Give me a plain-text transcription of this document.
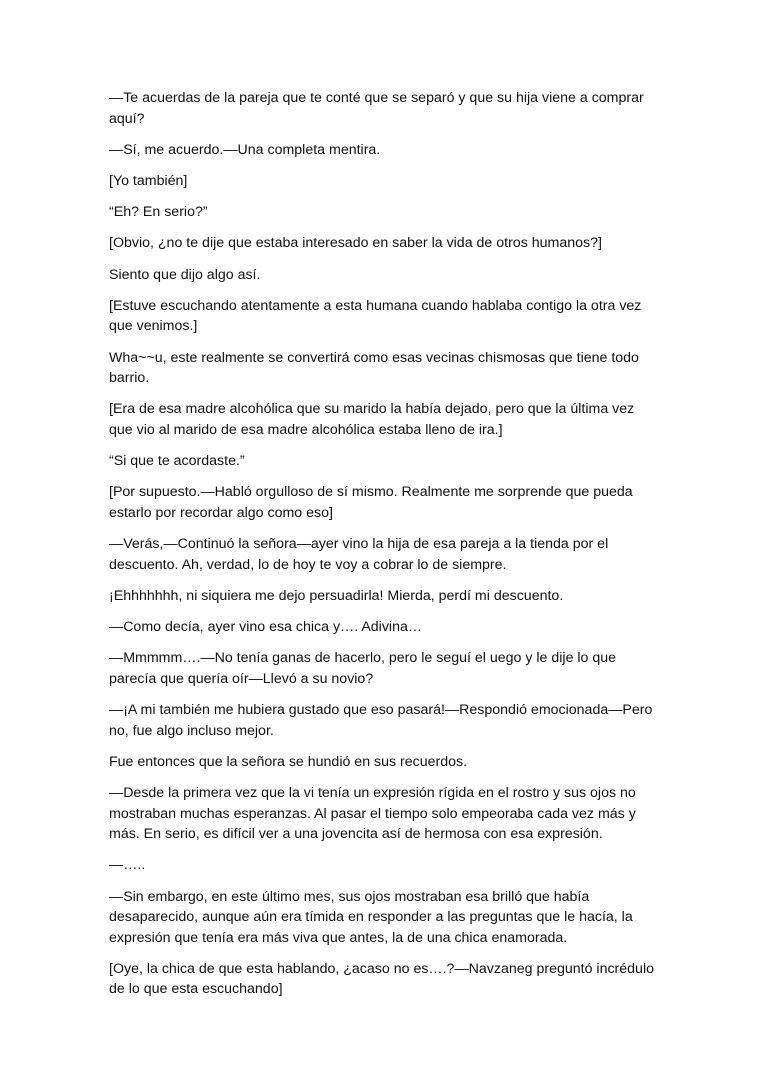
—Te acuerdas de la pareja que te conté que se separó y que su hija viene a comprar aquí?

—Sí, me acuerdo.—Una completa mentira.

[Yo también]

“Eh? En serio?”

[Obvio, ¿no te dije que estaba interesado en saber la vida de otros humanos?]

Siento que dijo algo así.

[Estuve escuchando atentamente a esta humana cuando hablaba contigo la otra vez que venimos.]

Wha~~u, este realmente se convertirá como esas vecinas chismosas que tiene todo barrio.

[Era de esa madre alcohólica que su marido la había dejado, pero que la última vez que vio al marido de esa madre alcohólica estaba lleno de ira.]

“Si que te acordaste.”

[Por supuesto.—Habló orgulloso de sí mismo. Realmente me sorprende que pueda estarlo por recordar algo como eso]

—Verás,—Continuó la señora—ayer vino la hija de esa pareja a la tienda por el descuento. Ah, verdad, lo de hoy te voy a cobrar lo de siempre.

¡Ehhhhhhh, ni siquiera me dejo persuadirla! Mierda, perdí mi descuento.

—Como decía, ayer vino esa chica y…. Adivina…

—Mmmmm….—No tenía ganas de hacerlo, pero le seguí el uego y le dije lo que parecía que quería oír—Llevó a su novio?

—¡A mi también me hubiera gustado que eso pasará!—Respondió emocionada—Pero no, fue algo incluso mejor.

Fue entonces que la señora se hundió en sus recuerdos.

—Desde la primera vez que la vi tenía un expresión rígida en el rostro y sus ojos no mostraban muchas esperanzas. Al pasar el tiempo solo empeoraba cada vez más y más. En serio, es difícil ver a una jovencita así de hermosa con esa expresión.

—…..

—Sin embargo, en este último mes, sus ojos mostraban esa brilló que había desaparecido, aunque aún era tímida en responder a las preguntas que le hacía, la expresión que tenía era más viva que antes, la de una chica enamorada.

[Oye, la chica de que esta hablando, ¿acaso no es….?—Navzaneg preguntó incrédulo de lo que esta escuchando]
